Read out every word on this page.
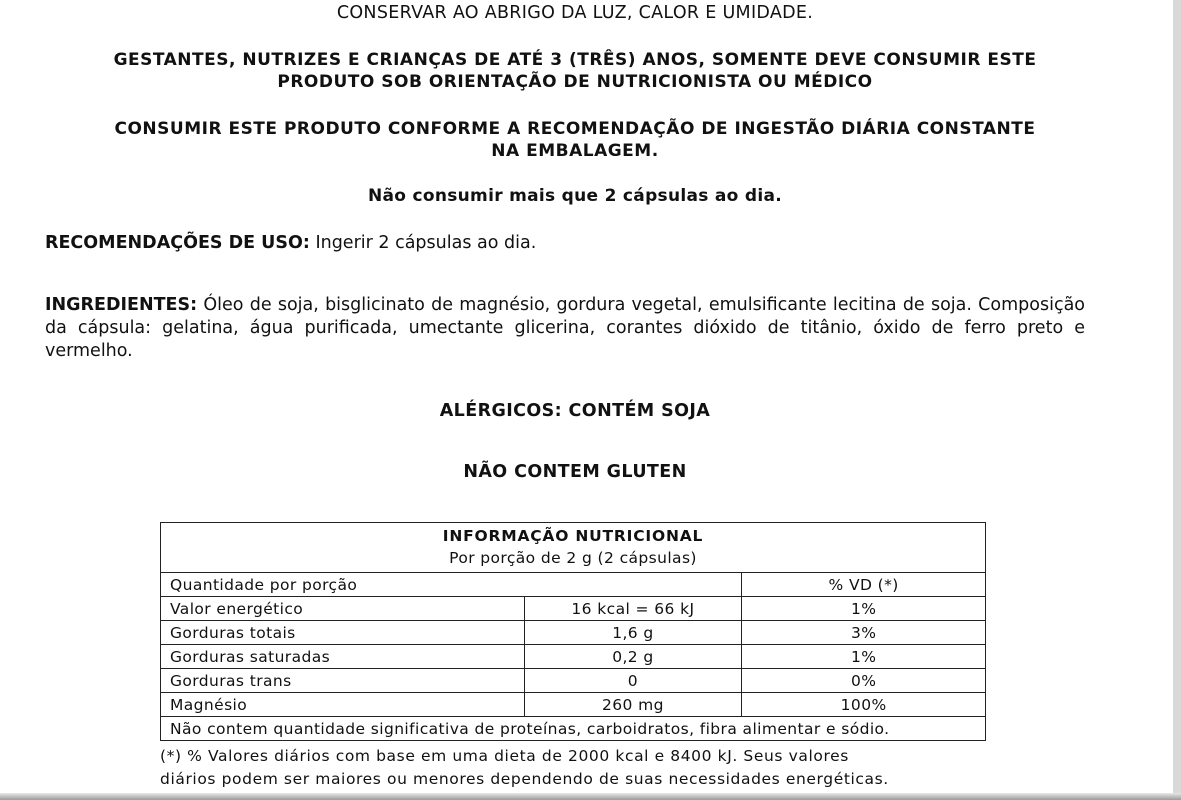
CONSERVAR AO ABRIGO DA LUZ, CALOR E UMIDADE.
GESTANTES, NUTRIZES E CRIANÇAS DE ATÉ 3 (TRÊS) ANOS, SOMENTE DEVE CONSUMIR ESTE
PRODUTO SOB ORIENTAÇÃO DE NUTRICIONISTA OU MÉDICO
CONSUMIR ESTE PRODUTO CONFORME A RECOMENDAÇÃO DE INGESTÃO DIÁRIA CONSTANTE
NA EMBALAGEM.
Não consumir mais que 2 cápsulas ao dia.
RECOMENDAÇÕES DE USO: Ingerir 2 cápsulas ao dia.
INGREDIENTES: Óleo de soja, bisglicinato de magnésio, gordura vegetal, emulsificante lecitina de soja. Composição da cápsula: gelatina, água purificada, umectante glicerina, corantes dióxido de titânio, óxido de ferro preto e vermelho.
ALÉRGICOS: CONTÉM SOJA
NÃO CONTEM GLUTEN
INFORMAÇÃO NUTRICIONAL
Por porção de 2 g (2 cápsulas)		

Quantidade por porção		% VD (*)
Valor energético	16 kcal = 66 kJ	1%
Gorduras totais	1,6 g	3%
Gorduras saturadas	0,2 g	1%
Gorduras trans	0	0%
Magnésio	260 mg	100%
Não contem quantidade significativa de proteínas, carboidratos, fibra alimentar e sódio.		
(*) % Valores diários com base em uma dieta de 2000 kcal e 8400 kJ. Seus valores
diários podem ser maiores ou menores dependendo de suas necessidades energéticas.
